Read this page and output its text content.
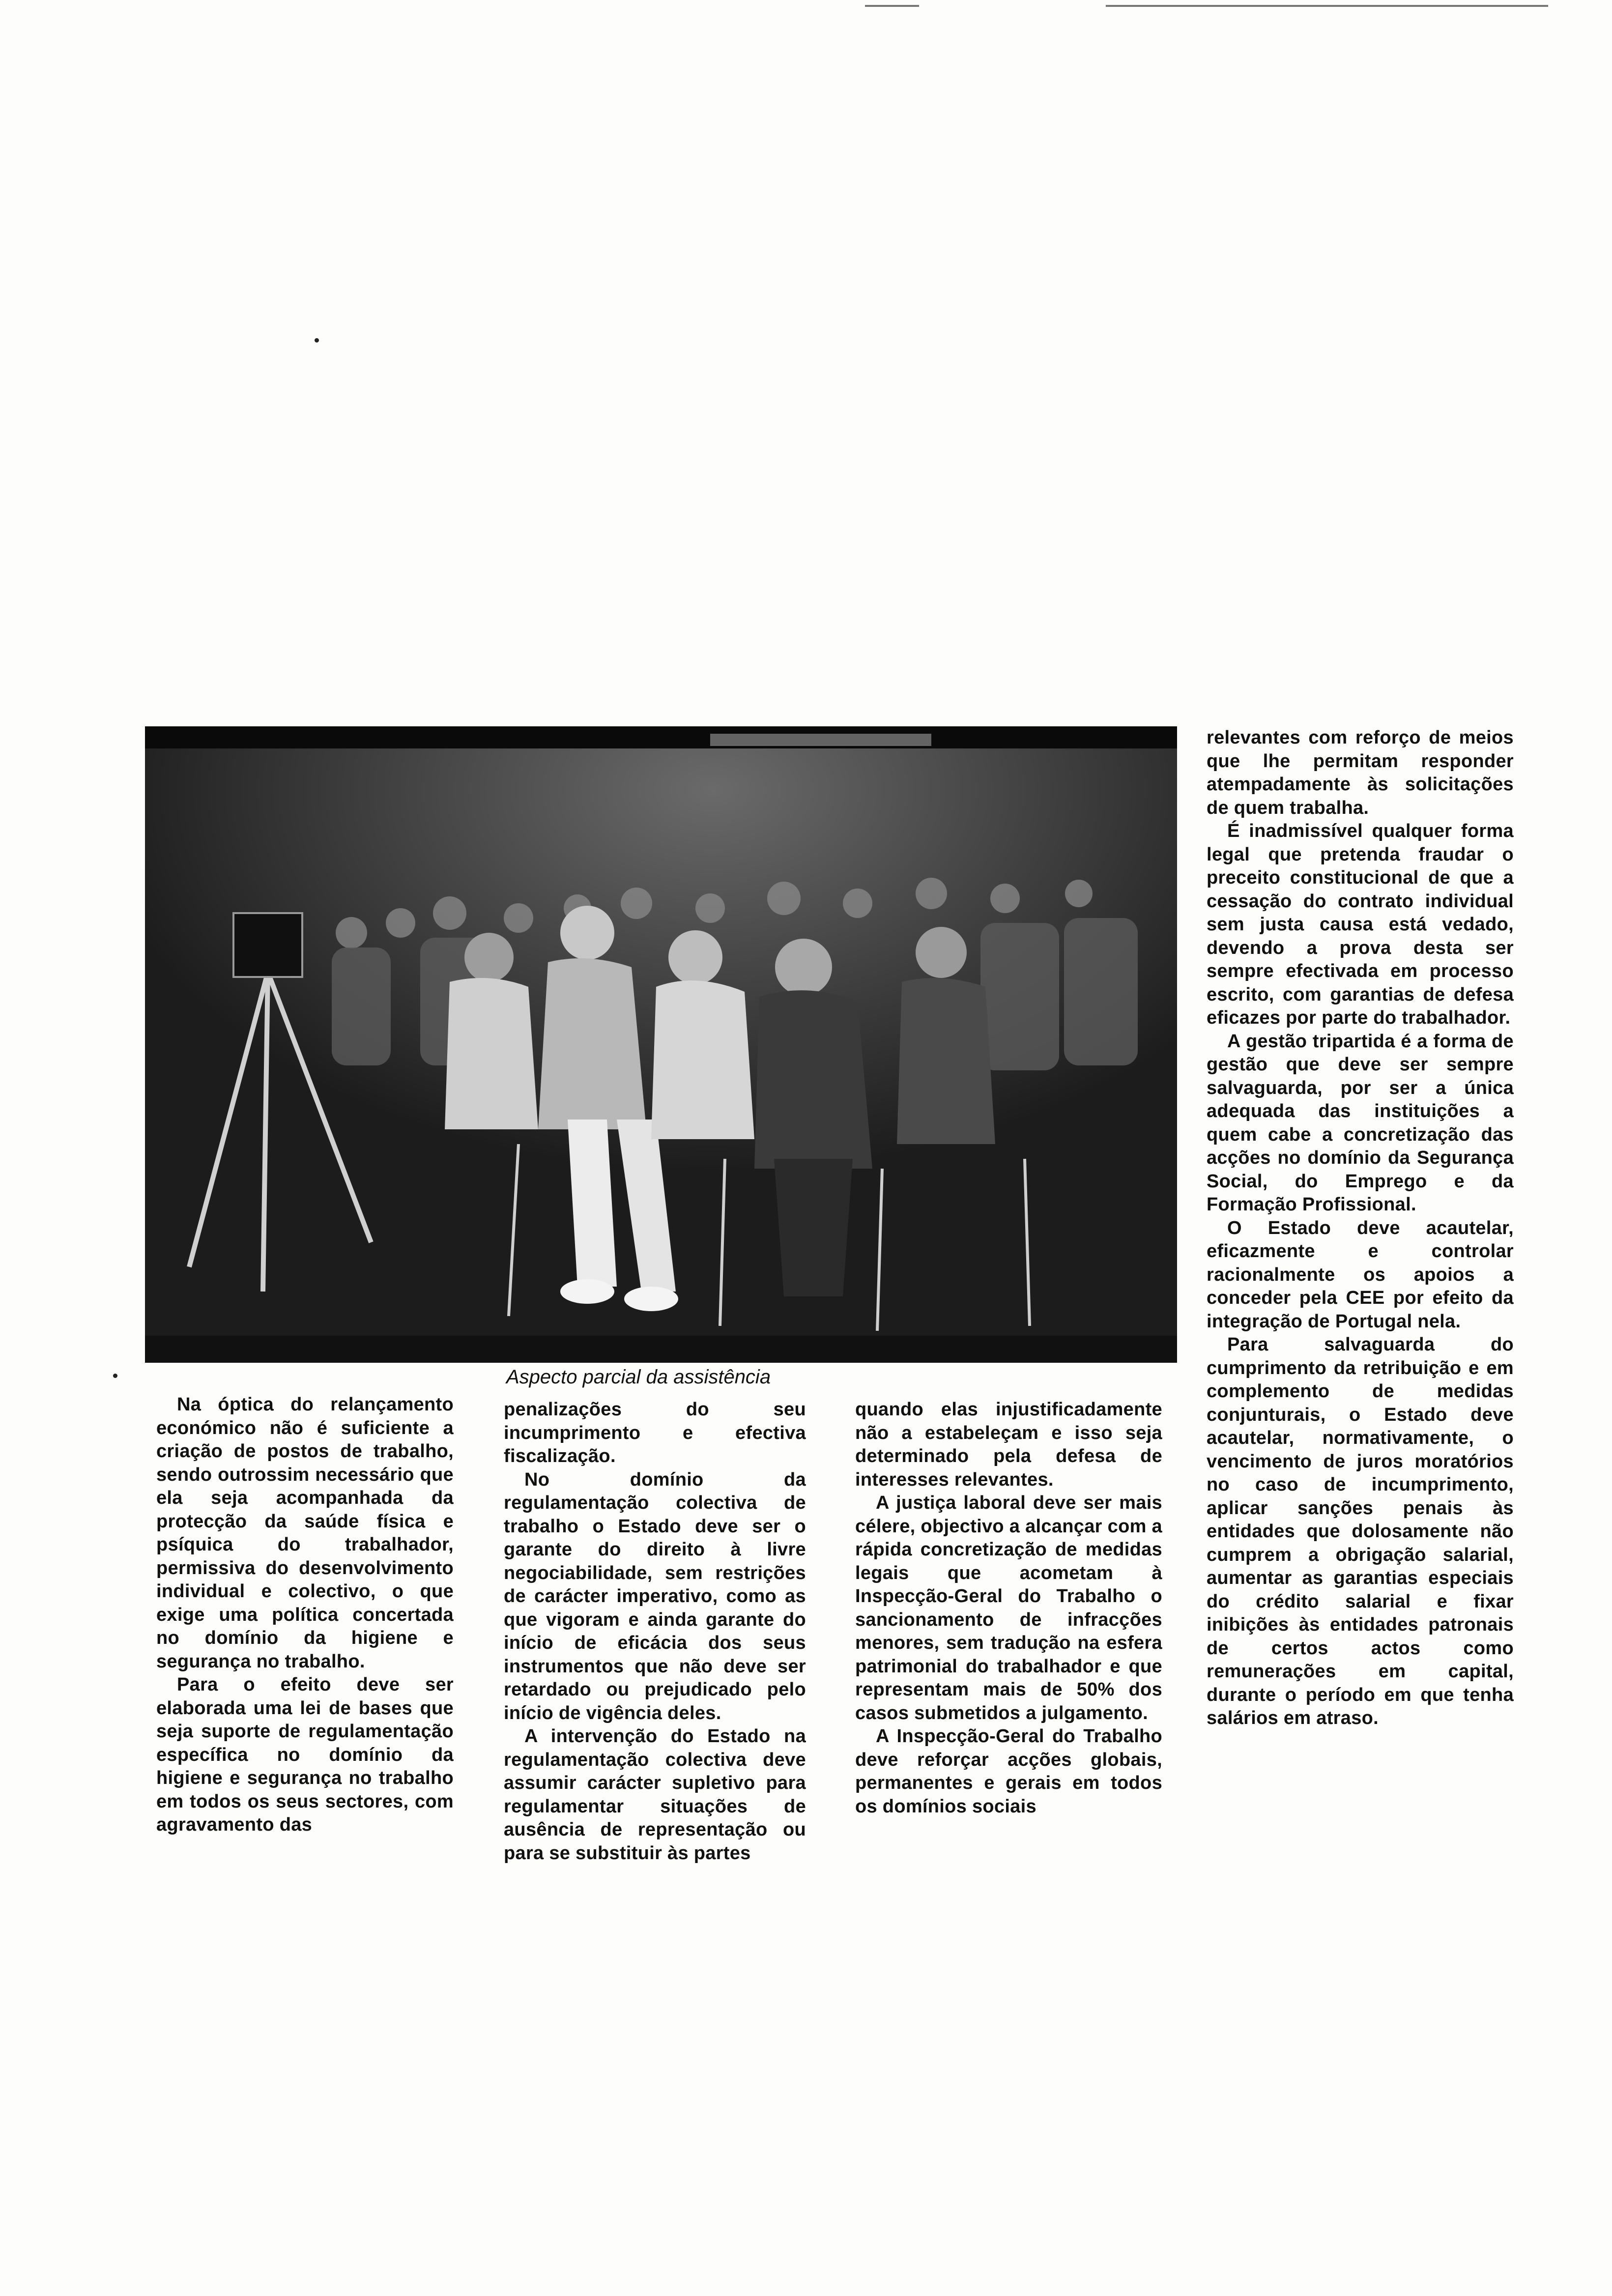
Aspecto parcial da assistência

Na óptica do relançamento económico não é suficiente a criação de postos de trabalho, sendo outrossim necessário que ela seja acompanhada da protecção da saúde física e psíquica do trabalhador, permissiva do desenvolvimento individual e colectivo, o que exige uma política concertada no domínio da higiene e segurança no trabalho.

Para o efeito deve ser elaborada uma lei de bases que seja suporte de regulamentação específica no domínio da higiene e segurança no trabalho em todos os seus sectores, com agravamento das

penalizações do seu incumprimento e efectiva fiscalização.

No domínio da regulamentação colectiva de trabalho o Estado deve ser o garante do direito à livre negociabilidade, sem restrições de carácter imperativo, como as que vigoram e ainda garante do início de eficácia dos seus instrumentos que não deve ser retardado ou prejudicado pelo início de vigência deles.

A intervenção do Estado na regulamentação colectiva deve assumir carácter supletivo para regulamentar situações de ausência de representação ou para se substituir às partes

quando elas injustificadamente não a estabeleçam e isso seja determinado pela defesa de interesses relevantes.

A justiça laboral deve ser mais célere, objectivo a alcançar com a rápida concretização de medidas legais que acometam à Inspecção-Geral do Trabalho o sancionamento de infracções menores, sem tradução na esfera patrimonial do trabalhador e que representam mais de 50% dos casos submetidos a julgamento.

A Inspecção-Geral do Trabalho deve reforçar acções globais, permanentes e gerais em todos os domínios sociais

relevantes com reforço de meios que lhe permitam responder atempadamente às solicitações de quem trabalha.

É inadmissível qualquer forma legal que pretenda fraudar o preceito constitucional de que a cessação do contrato individual sem justa causa está vedado, devendo a prova desta ser sempre efectivada em processo escrito, com garantias de defesa eficazes por parte do trabalhador.

A gestão tripartida é a forma de gestão que deve ser sempre salvaguarda, por ser a única adequada das instituições a quem cabe a concretização das acções no domínio da Segurança Social, do Emprego e da Formação Profissional.

O Estado deve acautelar, eficazmente e controlar racionalmente os apoios a conceder pela CEE por efeito da integração de Portugal nela.

Para salvaguarda do cumprimento da retribuição e em complemento de medidas conjunturais, o Estado deve acautelar, normativamente, o vencimento de juros moratórios no caso de incumprimento, aplicar sanções penais às entidades que dolosamente não cumprem a obrigação salarial, aumentar as garantias especiais do crédito salarial e fixar inibições às entidades patronais de certos actos como remunerações em capital, durante o período em que tenha salários em atraso.
